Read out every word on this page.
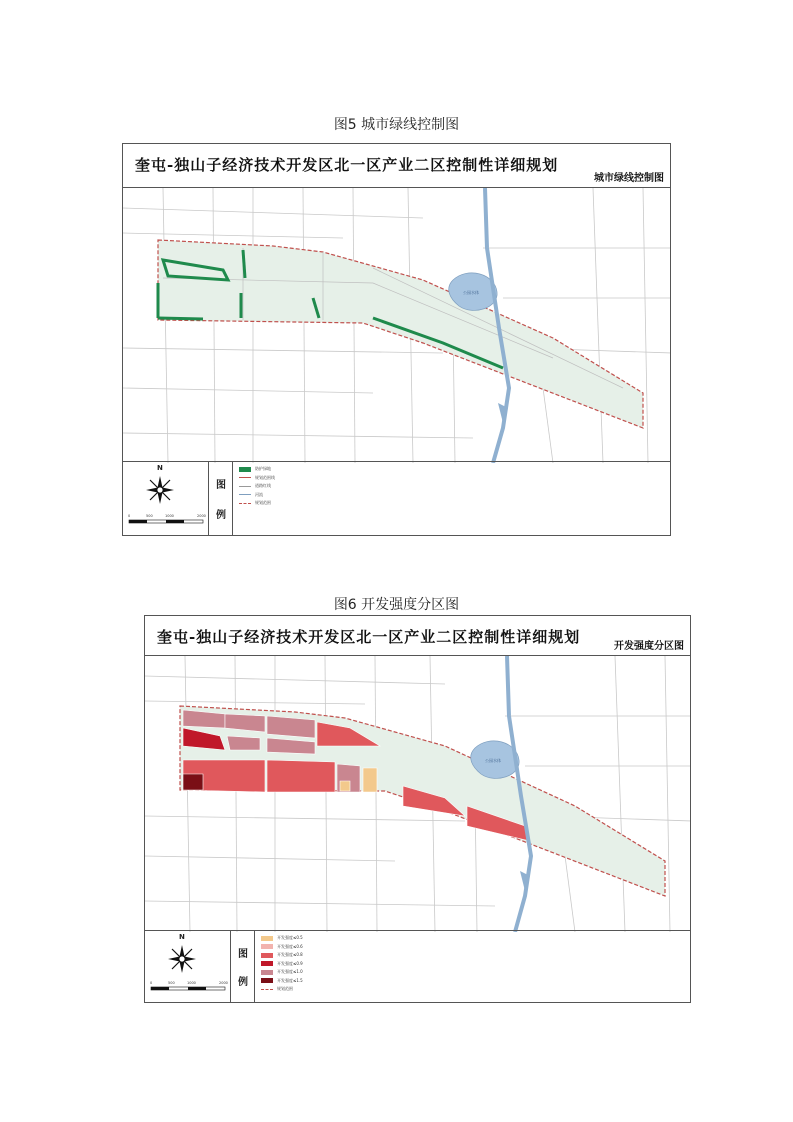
图5 城市绿线控制图
奎屯-独山子经济技术开发区北一区产业二区控制性详细规划
城市绿线控制图
公园水体
N
0	500	1000	2000
图
例
防护绿地
规划范围线
道路红线
河流
规划范围
图6 开发强度分区图
奎屯-独山子经济技术开发区北一区产业二区控制性详细规划
开发强度分区图
公园水体
N
0	500	1000	2000
图
例
开发强度≤0.5
开发强度≤0.6
开发强度≤0.8
开发强度≤0.9
开发强度≤1.0
开发强度≤1.5
规划范围
